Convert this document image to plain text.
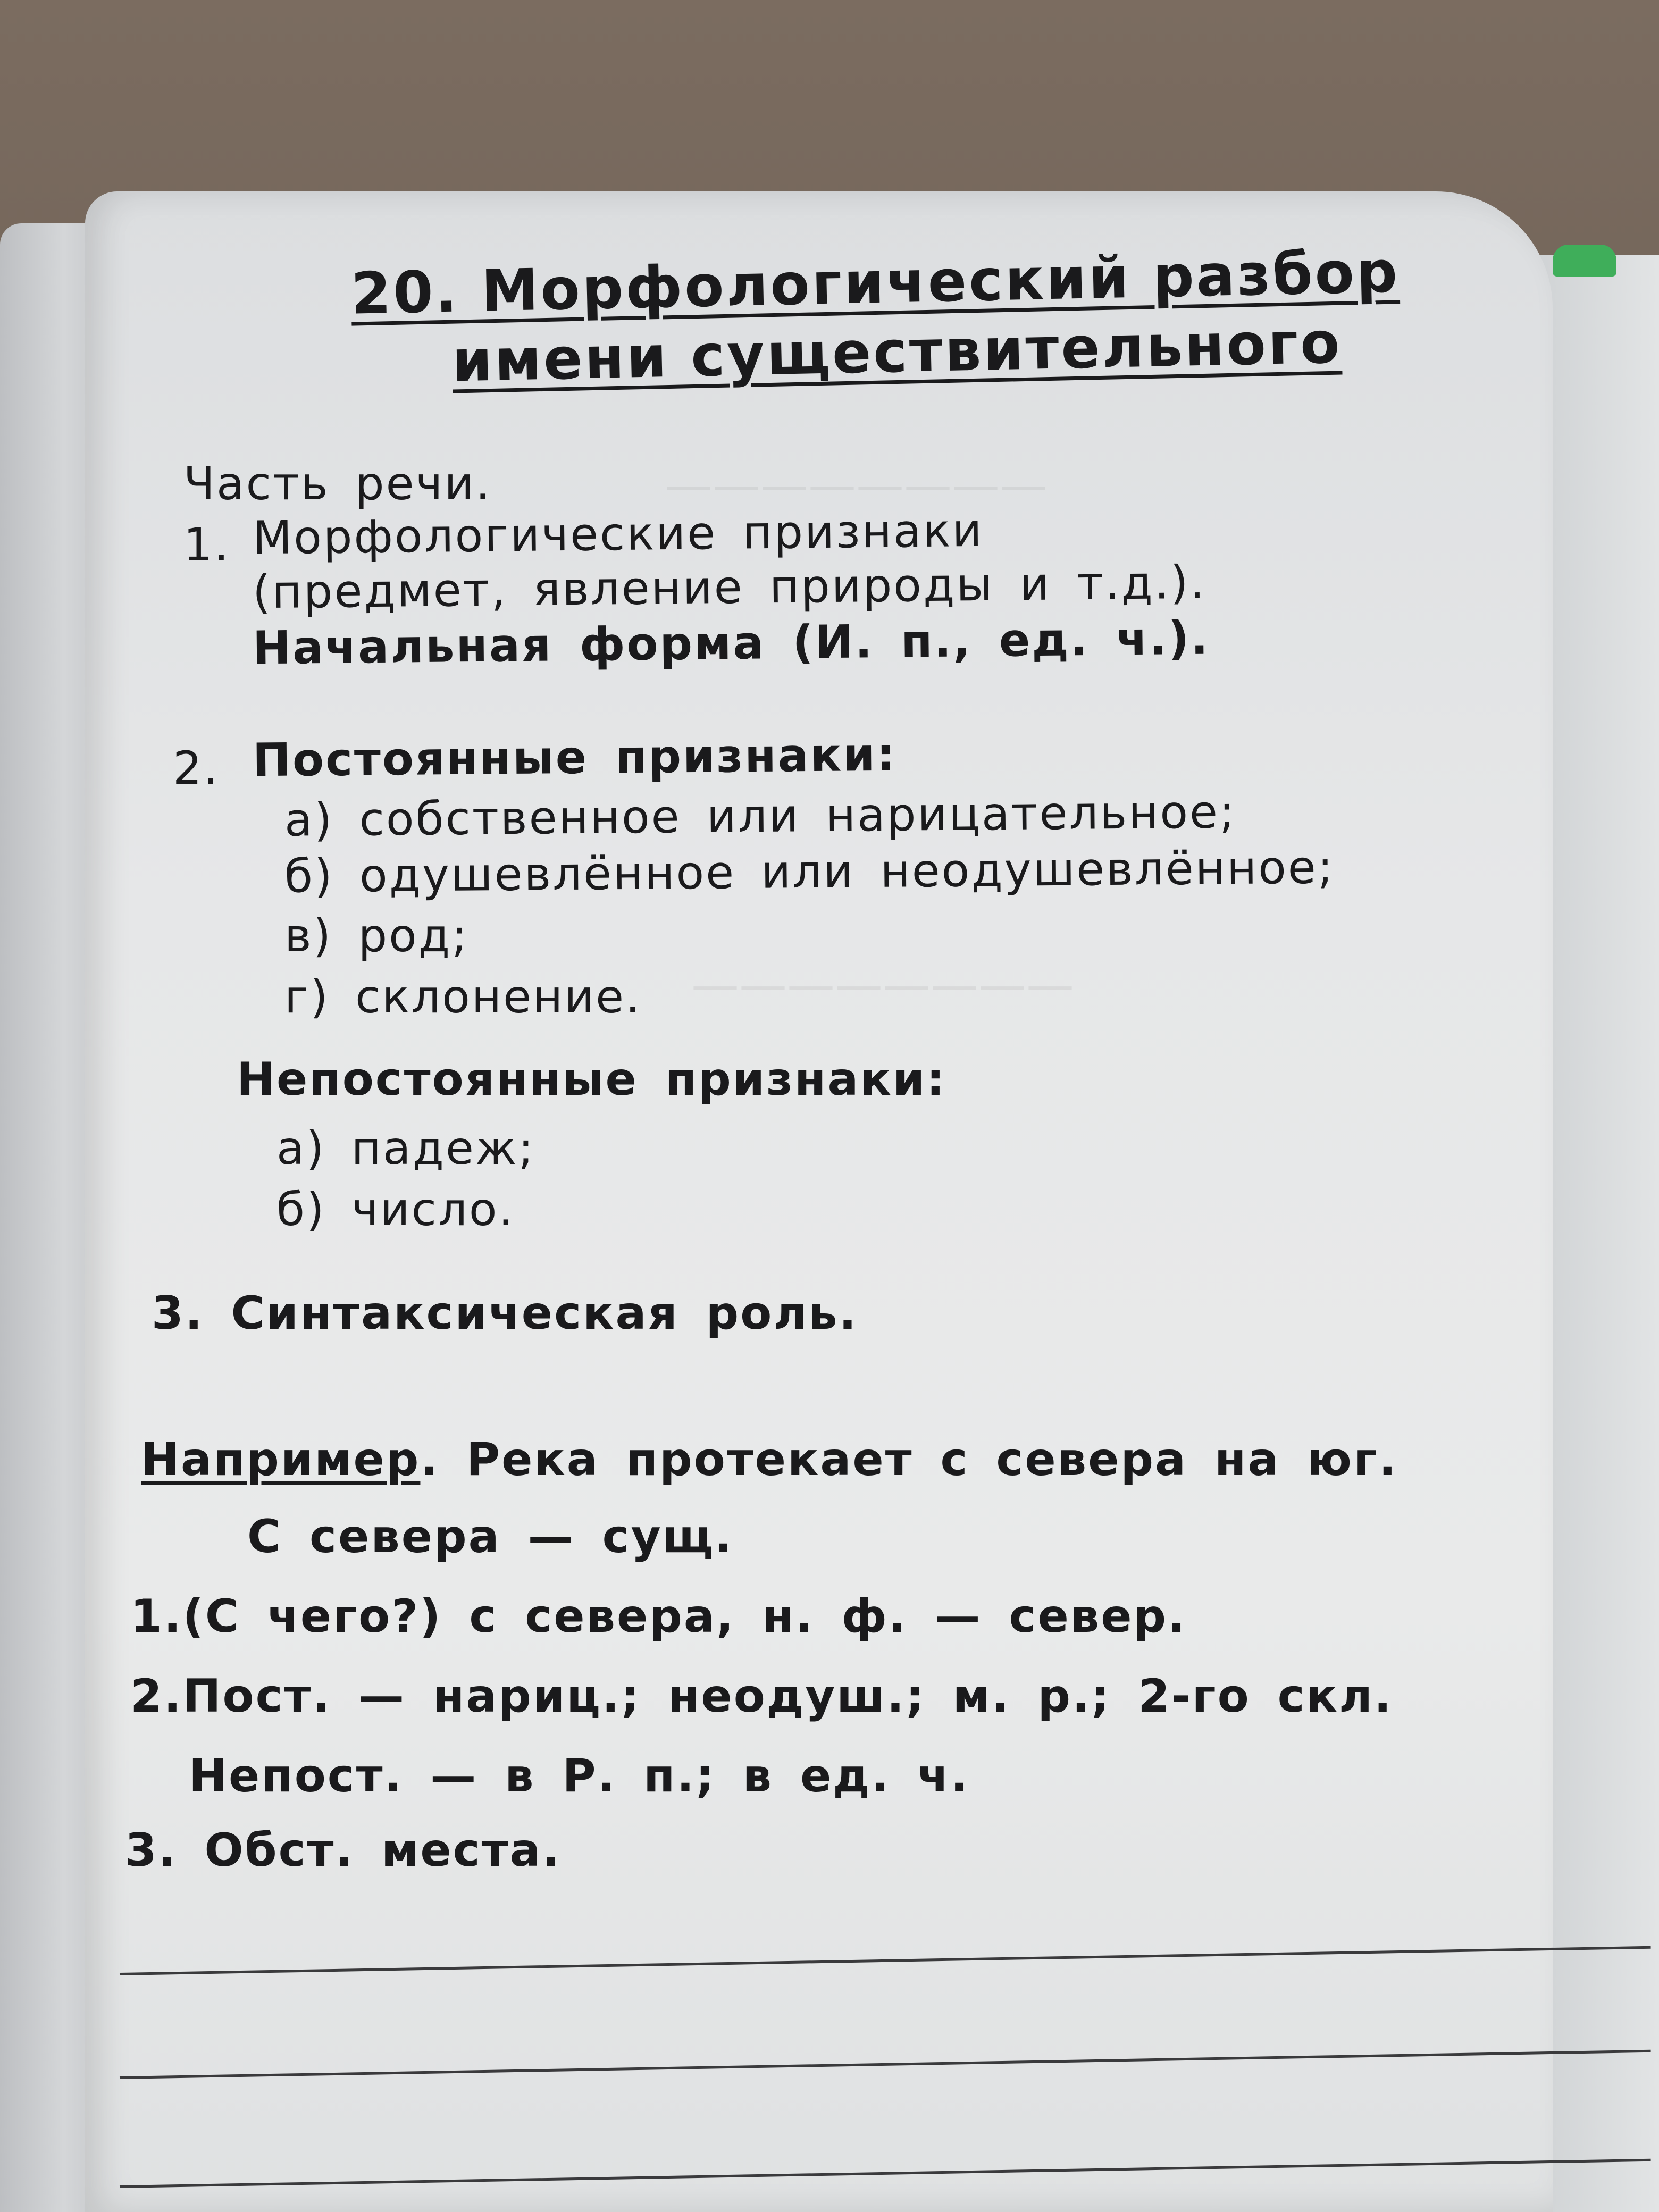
————————
————————
20. Морфологический разбор
имени существительного
Часть речи.
1. Морфологические признаки
(предмет, явление природы и т.д.).
Начальная форма (И. п., ед. ч.).
2. Постоянные признаки:
а) собственное или нарицательное;
б) одушевлённое или неодушевлённое;
в) род;
г) склонение.
Непостоянные признаки:
а) падеж;
б) число.
3. Синтаксическая роль.
Например. Река протекает с севера на юг.
С севера — сущ.
1.(С чего?) с севера, н. ф. — север.
2.Пост. — нариц.; неодуш.; м. р.; 2-го скл.
Непост. — в Р. п.; в ед. ч.
3. Обст. места.
